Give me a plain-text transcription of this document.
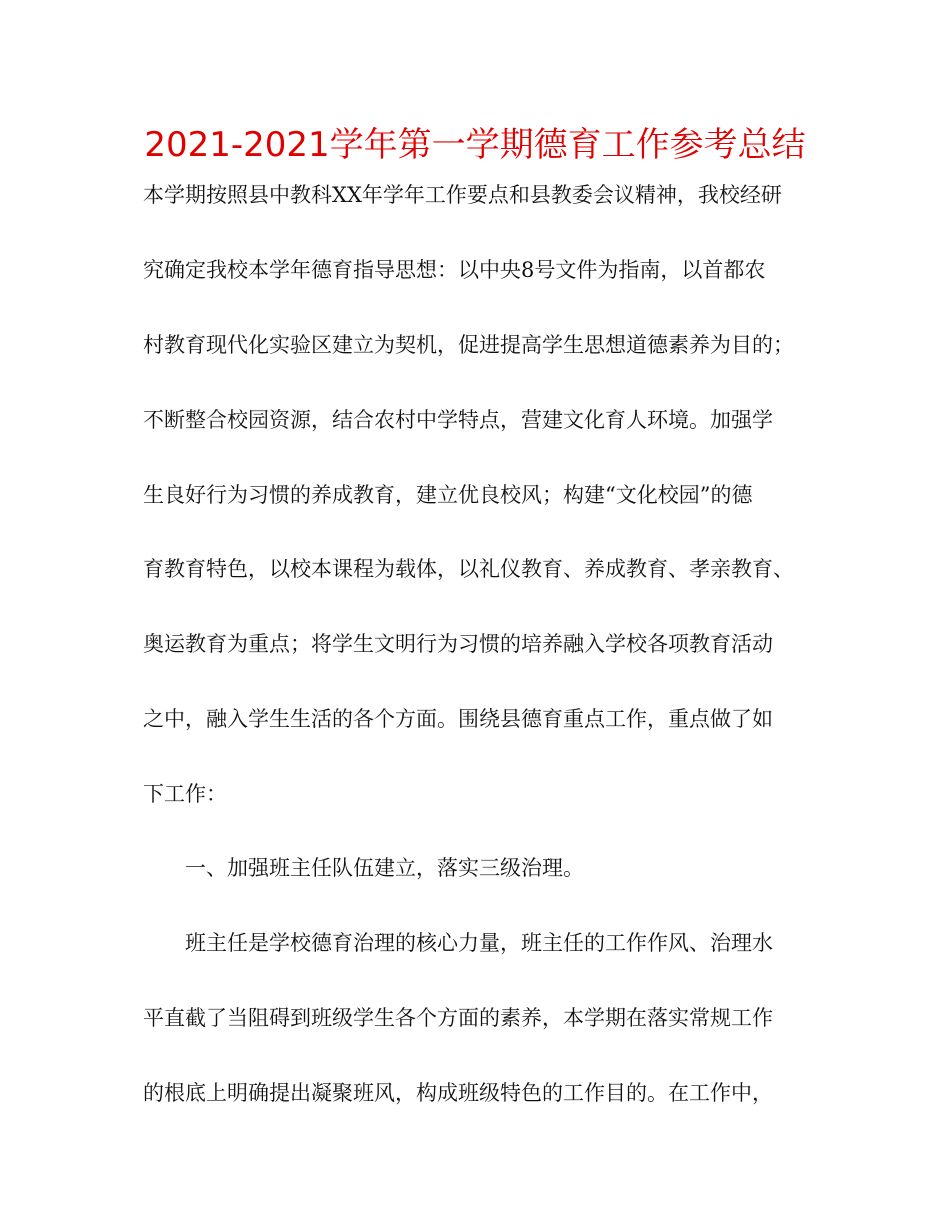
2021-2021学年第一学期德育工作参考总结
本学期按照县中教科XX年学年工作要点和县教委会议精神，我校经研
究确定我校本学年德育指导思想：以中央8号文件为指南，以首都农
村教育现代化实验区建立为契机，促进提高学生思想道德素养为目的；
不断整合校园资源，结合农村中学特点，营建文化育人环境。加强学
生良好行为习惯的养成教育，建立优良校风；构建“文化校园”的德
育教育特色，以校本课程为载体，以礼仪教育、养成教育、孝亲教育、
奥运教育为重点；将学生文明行为习惯的培养融入学校各项教育活动
之中，融入学生生活的各个方面。围绕县德育重点工作，重点做了如
下工作：
一、加强班主任队伍建立，落实三级治理。
班主任是学校德育治理的核心力量，班主任的工作作风、治理水
平直截了当阻碍到班级学生各个方面的素养，本学期在落实常规工作
的根底上明确提出凝聚班风，构成班级特色的工作目的。在工作中，
